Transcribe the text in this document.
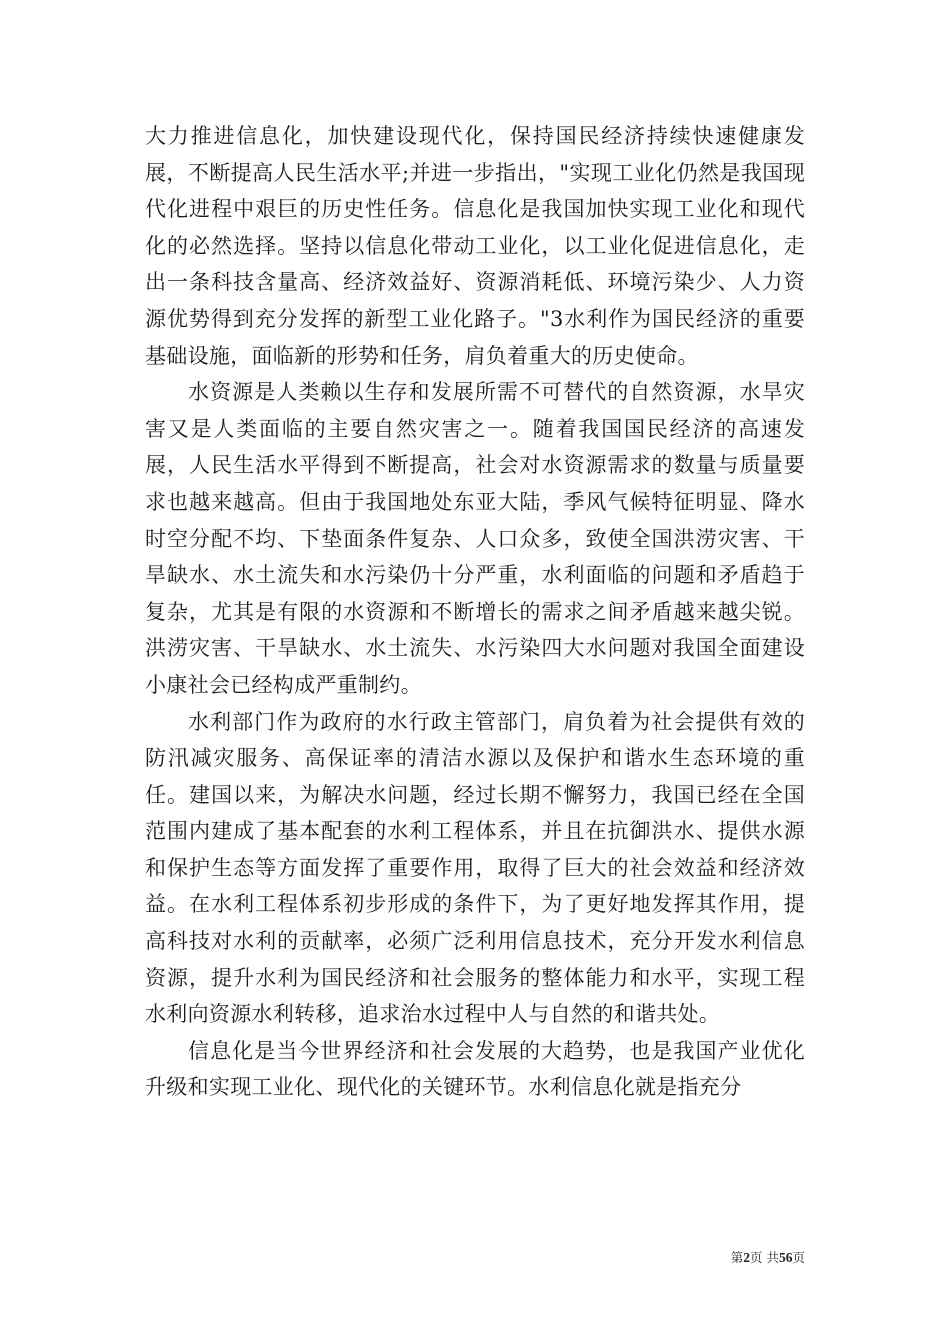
大力推进信息化，加快建设现代化，保持国民经济持续快速健康发展，不断提高人民生活水平;并进一步指出，"实现工业化仍然是我国现代化进程中艰巨的历史性任务。信息化是我国加快实现工业化和现代化的必然选择。坚持以信息化带动工业化，以工业化促进信息化，走出一条科技含量高、经济效益好、资源消耗低、环境污染少、人力资源优势得到充分发挥的新型工业化路子。"3水利作为国民经济的重要基础设施，面临新的形势和任务，肩负着重大的历史使命。

水资源是人类赖以生存和发展所需不可替代的自然资源，水旱灾害又是人类面临的主要自然灾害之一。随着我国国民经济的高速发展，人民生活水平得到不断提高，社会对水资源需求的数量与质量要求也越来越高。但由于我国地处东亚大陆，季风气候特征明显、降水时空分配不均、下垫面条件复杂、人口众多，致使全国洪涝灾害、干旱缺水、水土流失和水污染仍十分严重，水利面临的问题和矛盾趋于复杂，尤其是有限的水资源和不断增长的需求之间矛盾越来越尖锐。洪涝灾害、干旱缺水、水土流失、水污染四大水问题对我国全面建设小康社会已经构成严重制约。

水利部门作为政府的水行政主管部门，肩负着为社会提供有效的防汛减灾服务、高保证率的清洁水源以及保护和谐水生态环境的重任。建国以来，为解决水问题，经过长期不懈努力，我国已经在全国范围内建成了基本配套的水利工程体系，并且在抗御洪水、提供水源和保护生态等方面发挥了重要作用，取得了巨大的社会效益和经济效益。在水利工程体系初步形成的条件下，为了更好地发挥其作用，提高科技对水利的贡献率，必须广泛利用信息技术，充分开发水利信息资源，提升水利为国民经济和社会服务的整体能力和水平，实现工程水利向资源水利转移，追求治水过程中人与自然的和谐共处。

信息化是当今世界经济和社会发展的大趋势，也是我国产业优化升级和实现工业化、现代化的关键环节。水利信息化就是指充分

第2页 共56页
